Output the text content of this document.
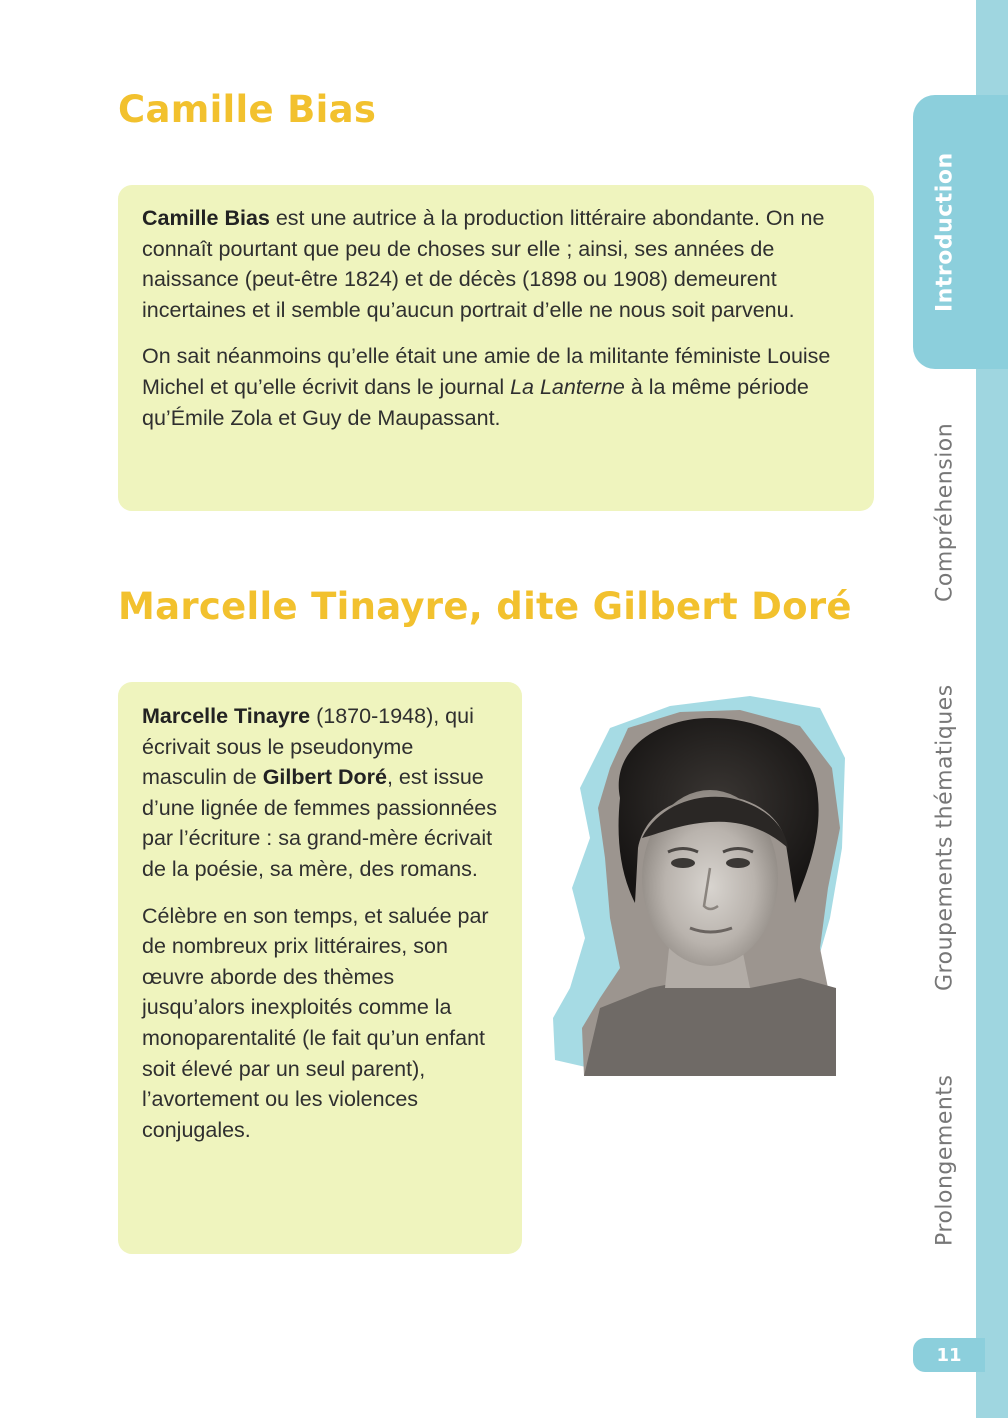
Introduction
Compréhension
Groupements thématiques
Prolongements
11
Camille Bias

Camille Bias est une autrice à la production littéraire abondante. On ne connaît pourtant que peu de choses sur elle ; ainsi, ses années de naissance (peut-être 1824) et de décès (1898 ou 1908) demeurent incertaines et il semble qu’aucun portrait d’elle ne nous soit parvenu.

On sait néanmoins qu’elle était une amie de la militante féministe Louise Michel et qu’elle écrivit dans le journal La Lanterne à la même période qu’Émile Zola et Guy de Maupassant.

Marcelle Tinayre, dite Gilbert Doré

Marcelle Tinayre (1870-1948), qui écrivait sous le pseudonyme masculin de Gilbert Doré, est issue d’une lignée de femmes passionnées par l’écriture : sa grand-mère écrivait de la poésie, sa mère, des romans.

Célèbre en son temps, et saluée par de nombreux prix littéraires, son œuvre aborde des thèmes jusqu’alors inexploités comme la monoparentalité (le fait qu’un enfant soit élevé par un seul parent), l’avortement ou les violences conjugales.
